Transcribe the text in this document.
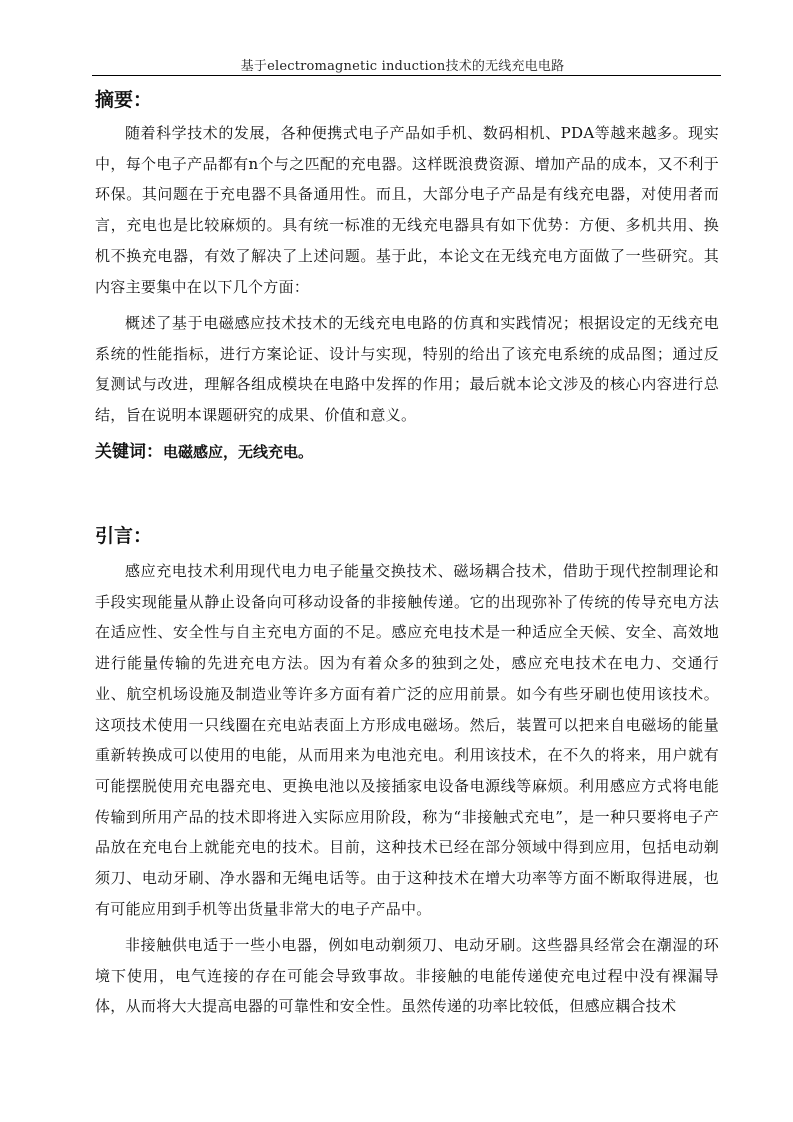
基于electromagnetic induction技术的无线充电电路
摘要：

随着科学技术的发展，各种便携式电子产品如手机、数码相机、PDA等越来越多。现实中，每个电子产品都有n个与之匹配的充电器。这样既浪费资源、增加产品的成本，又不利于环保。其问题在于充电器不具备通用性。而且，大部分电子产品是有线充电器，对使用者而言，充电也是比较麻烦的。具有统一标准的无线充电器具有如下优势：方便、多机共用、换机不换充电器，有效了解决了上述问题。基于此，本论文在无线充电方面做了一些研究。其内容主要集中在以下几个方面：

概述了基于电磁感应技术技术的无线充电电路的仿真和实践情况；根据设定的无线充电系统的性能指标，进行方案论证、设计与实现，特别的给出了该充电系统的成品图；通过反复测试与改进，理解各组成模块在电路中发挥的作用；最后就本论文涉及的核心内容进行总结，旨在说明本课题研究的成果、价值和意义。

关键词：电磁感应，无线充电。

引言：

感应充电技术利用现代电力电子能量交换技术、磁场耦合技术，借助于现代控制理论和手段实现能量从静止设备向可移动设备的非接触传递。它的出现弥补了传统的传导充电方法在适应性、安全性与自主充电方面的不足。感应充电技术是一种适应全天候、安全、高效地进行能量传输的先进充电方法。因为有着众多的独到之处，感应充电技术在电力、交通行业、航空机场设施及制造业等许多方面有着广泛的应用前景。如今有些牙刷也使用该技术。这项技术使用一只线圈在充电站表面上方形成电磁场。然后，装置可以把来自电磁场的能量重新转换成可以使用的电能，从而用来为电池充电。利用该技术，在不久的将来，用户就有可能摆脱使用充电器充电、更换电池以及接插家电设备电源线等麻烦。利用感应方式将电能传输到所用产品的技术即将进入实际应用阶段，称为“非接触式充电”，是一种只要将电子产品放在充电台上就能充电的技术。目前，这种技术已经在部分领域中得到应用，包括电动剃须刀、电动牙刷、净水器和无绳电话等。由于这种技术在增大功率等方面不断取得进展，也有可能应用到手机等出货量非常大的电子产品中。

非接触供电适于一些小电器，例如电动剃须刀、电动牙刷。这些器具经常会在潮湿的环境下使用，电气连接的存在可能会导致事故。非接触的电能传递使充电过程中没有裸漏导体，从而将大大提高电器的可靠性和安全性。虽然传递的功率比较低，但感应耦合技术
